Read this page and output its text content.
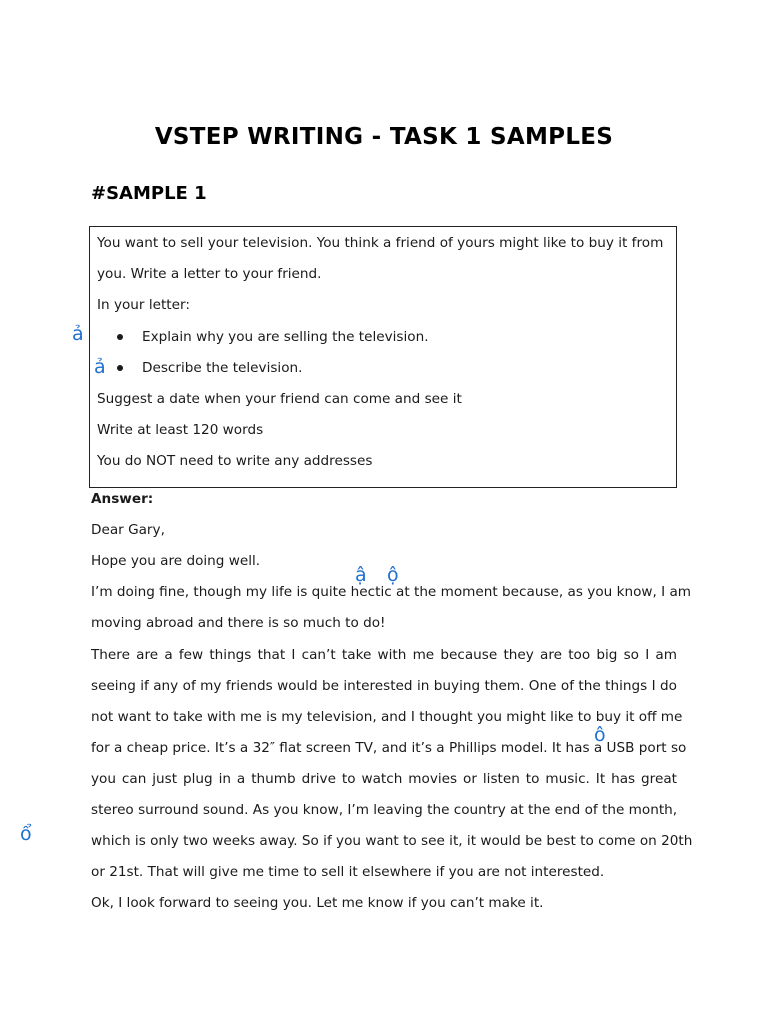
VSTEP WRITING - TASK 1 SAMPLES
#SAMPLE 1
You want to sell your television. You think a friend of yours might like to buy it from
you. Write a letter to your friend.
In your letter:
Explain why you are selling the television.
Describe the television.
Suggest a date when your friend can come and see it
Write at least 120 words
You do NOT need to write any addresses
Answer:
Dear Gary,
Hope you are doing well.
I’m doing fine, though my life is quite hectic at the moment because, as you know, I am
moving abroad and there is so much to do!
There are a few things that I can’t take with me because they are too big so I am
seeing if any of my friends would be interested in buying them. One of the things I do
not want to take with me is my television, and I thought you might like to buy it off me
for a cheap price. It’s a 32″ flat screen TV, and it’s a Phillips model. It has a USB port so
you can just plug in a thumb drive to watch movies or listen to music. It has great
stereo surround sound. As you know, I’m leaving the country at the end of the month,
which is only two weeks away. So if you want to see it, it would be best to come on 20th
or 21st. That will give me time to sell it elsewhere if you are not interested.
Ok, I look forward to seeing you. Let me know if you can’t make it.
ả
ả
ậ ộ
ô
ổ
